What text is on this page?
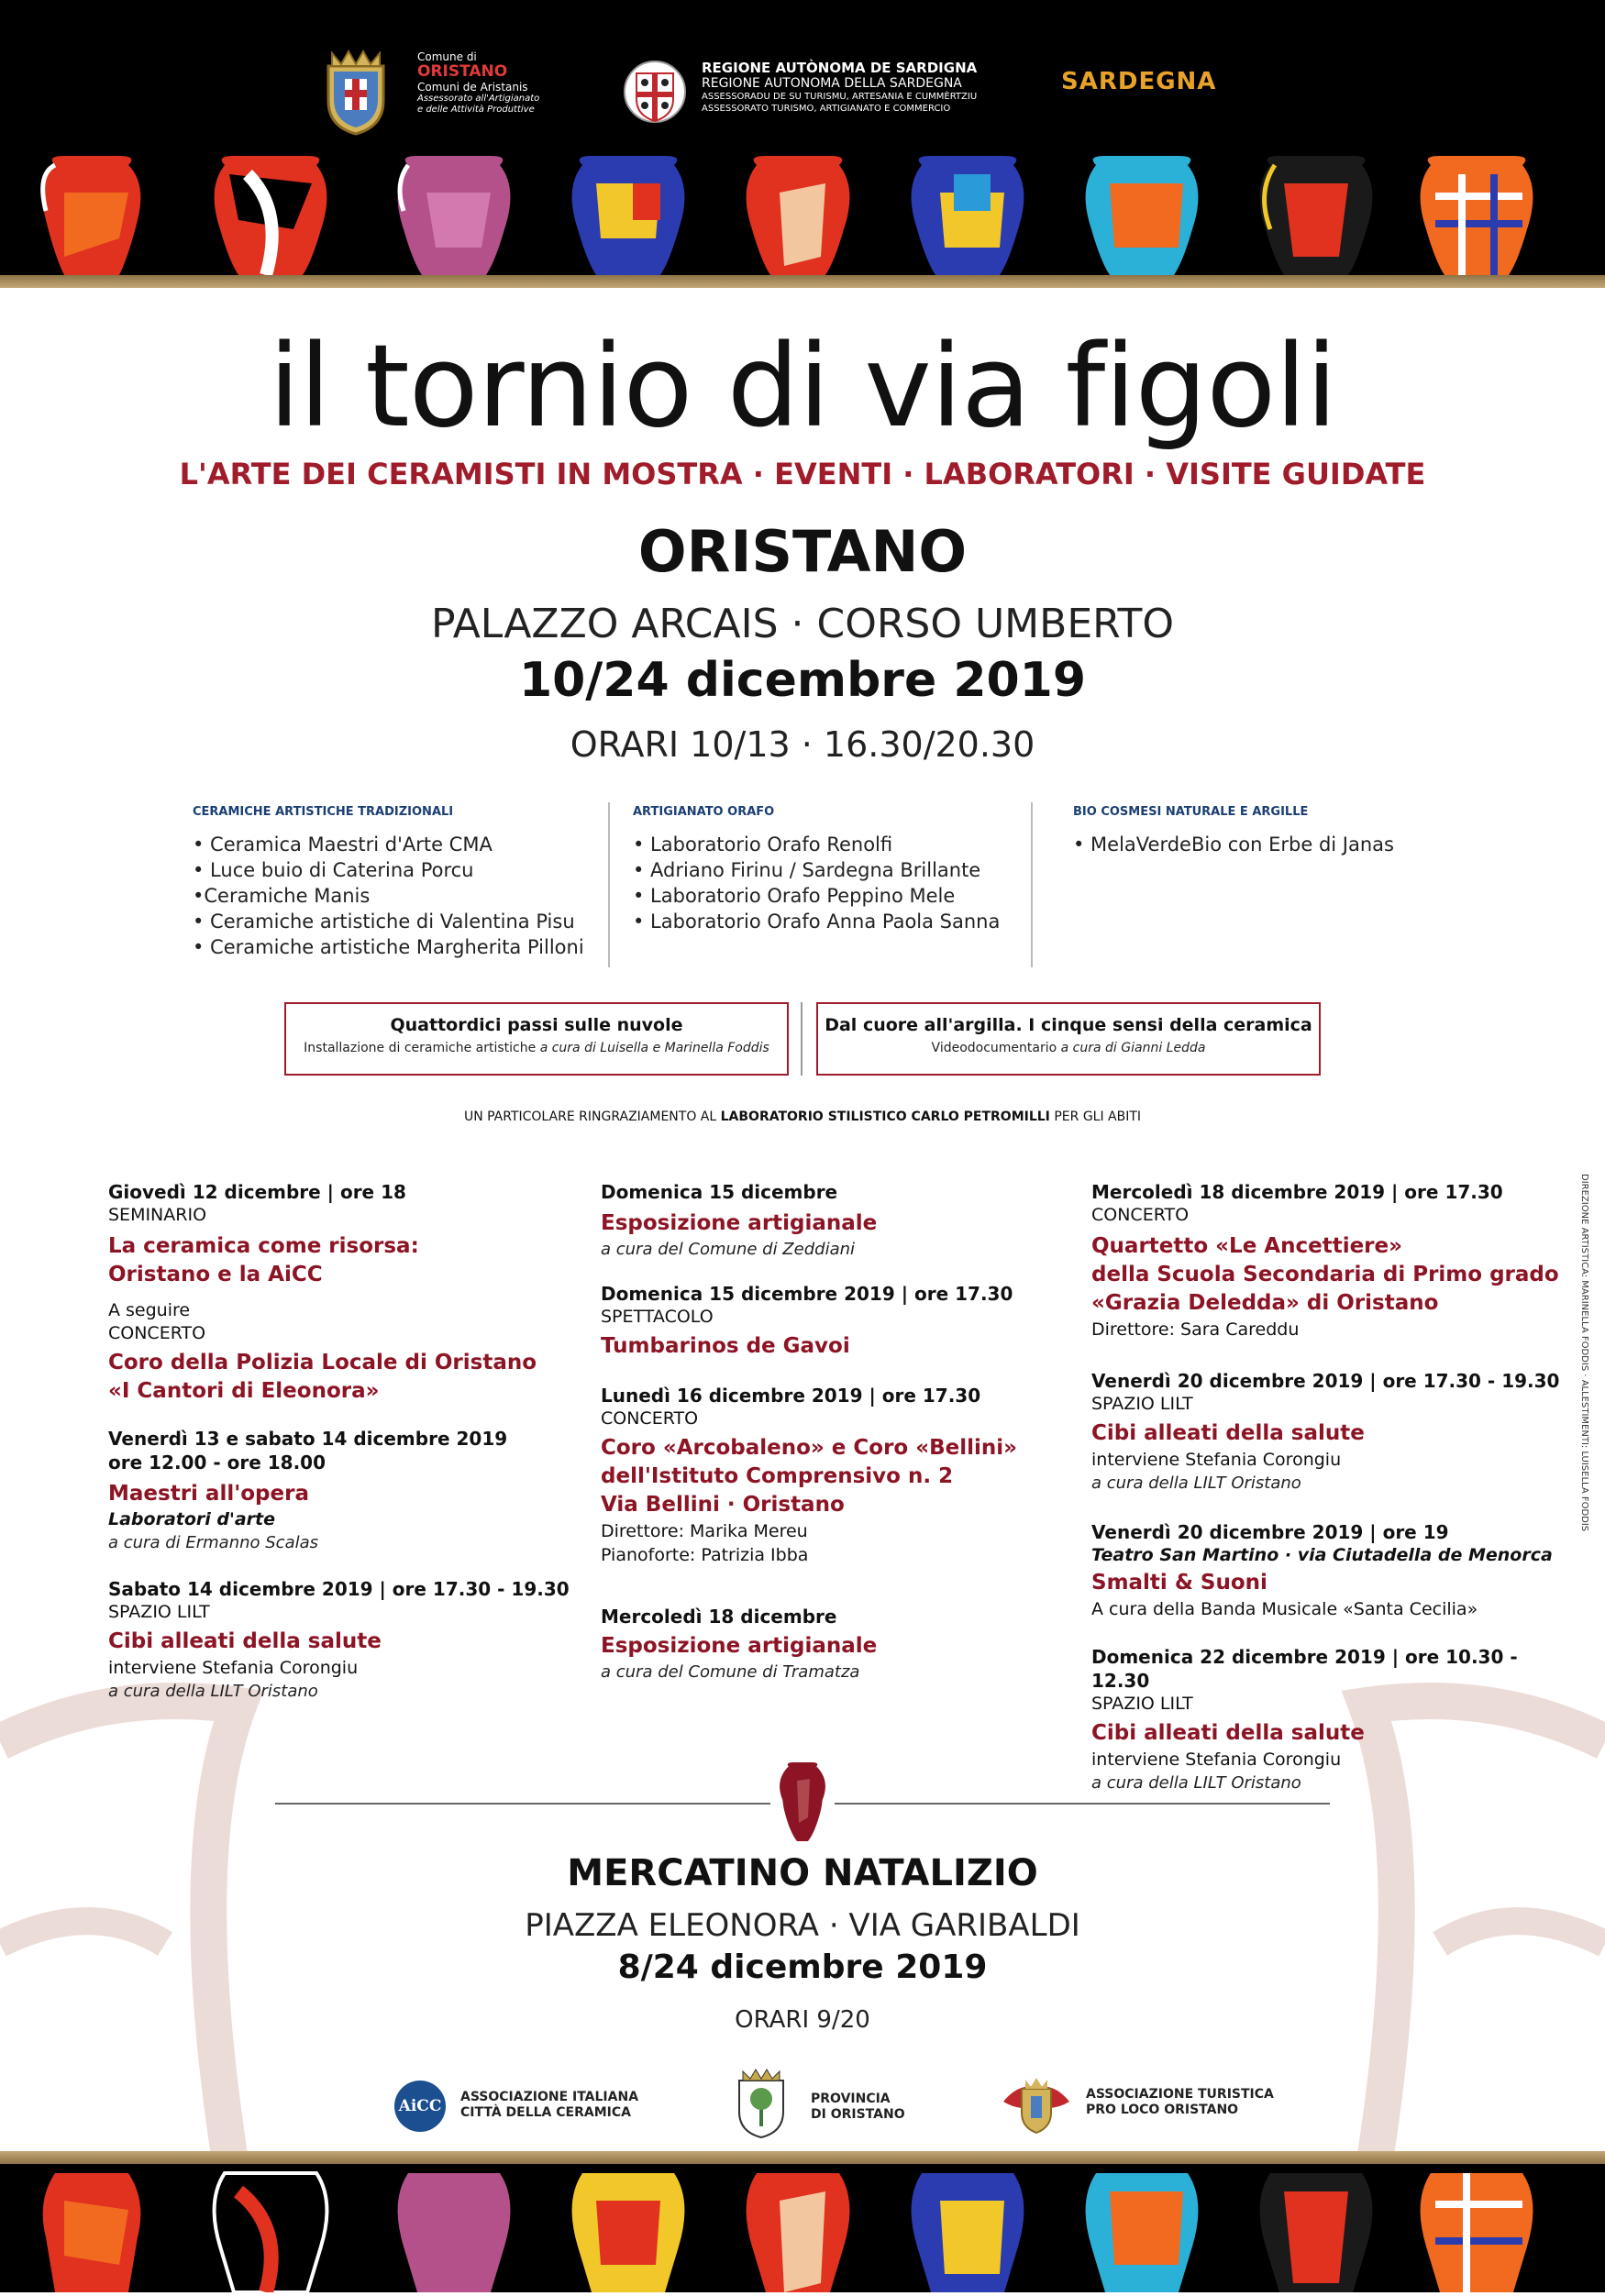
Comune di
ORISTANO
Comuni de Aristanis
Assessorato all'Artigianato
e delle Attività Produttive
REGIONE AUTÒNOMA DE SARDIGNA
REGIONE AUTONOMA DELLA SARDEGNA
ASSESSORADU DE SU TURISMU, ARTESANIA E CUMMÈRTZIU
ASSESSORATO TURISMO, ARTIGIANATO E COMMERCIO
SARDEGNA
il tornio di via figoli
L'ARTE DEI CERAMISTI IN MOSTRA · EVENTI · LABORATORI · VISITE GUIDATE
ORISTANO
PALAZZO ARCAIS · CORSO UMBERTO
10/24 dicembre 2019
ORARI 10/13 · 16.30/20.30
CERAMICHE ARTISTICHE TRADIZIONALI
• Ceramica Maestri d'Arte CMA
• Luce buio di Caterina Porcu
•Ceramiche Manis
• Ceramiche artistiche di Valentina Pisu
• Ceramiche artistiche Margherita Pilloni
ARTIGIANATO ORAFO
• Laboratorio Orafo Renolfi
• Adriano Firinu / Sardegna Brillante
• Laboratorio Orafo Peppino Mele
• Laboratorio Orafo Anna Paola Sanna
BIO COSMESI NATURALE E ARGILLE
• MelaVerdeBio con Erbe di Janas
Quattordici passi sulle nuvole
Installazione di ceramiche artistiche a cura di Luisella e Marinella Foddis
Dal cuore all'argilla. I cinque sensi della ceramica
Videodocumentario a cura di Gianni Ledda
UN PARTICOLARE RINGRAZIAMENTO AL LABORATORIO STILISTICO CARLO PETROMILLI PER GLI ABITI
Giovedì 12 dicembre | ore 18
SEMINARIO
La ceramica come risorsa:
Oristano e la AiCC
A seguire
CONCERTO
Coro della Polizia Locale di Oristano
«I Cantori di Eleonora»
Venerdì 13 e sabato 14 dicembre 2019
ore 12.00 - ore 18.00
Maestri all'opera
Laboratori d'arte
a cura di Ermanno Scalas
Sabato 14 dicembre 2019 | ore 17.30 - 19.30
SPAZIO LILT
Cibi alleati della salute
interviene Stefania Corongiu
a cura della LILT Oristano
Domenica 15 dicembre
Esposizione artigianale
a cura del Comune di Zeddiani
Domenica 15 dicembre 2019 | ore 17.30
SPETTACOLO
Tumbarinos de Gavoi
Lunedì 16 dicembre 2019 | ore 17.30
CONCERTO
Coro «Arcobaleno» e Coro «Bellini»
dell'Istituto Comprensivo n. 2
Via Bellini · Oristano
Direttore: Marika Mereu
Pianoforte: Patrizia Ibba
Mercoledì 18 dicembre
Esposizione artigianale
a cura del Comune di Tramatza
Mercoledì 18 dicembre 2019 | ore 17.30
CONCERTO
Quartetto «Le Ancettiere»
della Scuola Secondaria di Primo grado
«Grazia Deledda» di Oristano
Direttore: Sara Careddu
Venerdì 20 dicembre 2019 | ore 17.30 - 19.30
SPAZIO LILT
Cibi alleati della salute
interviene Stefania Corongiu
a cura della LILT Oristano
Venerdì 20 dicembre 2019 | ore 19
Teatro San Martino · via Ciutadella de Menorca
Smalti & Suoni
A cura della Banda Musicale «Santa Cecilia»
Domenica 22 dicembre 2019 | ore 10.30 - 12.30
SPAZIO LILT
Cibi alleati della salute
interviene Stefania Corongiu
a cura della LILT Oristano
DIREZIONE ARTISTICA: MARINELLA FODDIS · ALLESTIMENTI: LUISELLA FODDIS
MERCATINO NATALIZIO
PIAZZA ELEONORA · VIA GARIBALDI
8/24 dicembre 2019
ORARI 9/20
AiCC	ASSOCIAZIONE ITALIANA
CITTÀ DELLA CERAMICA
PROVINCIA
DI ORISTANO
ASSOCIAZIONE TURISTICA
PRO LOCO ORISTANO
